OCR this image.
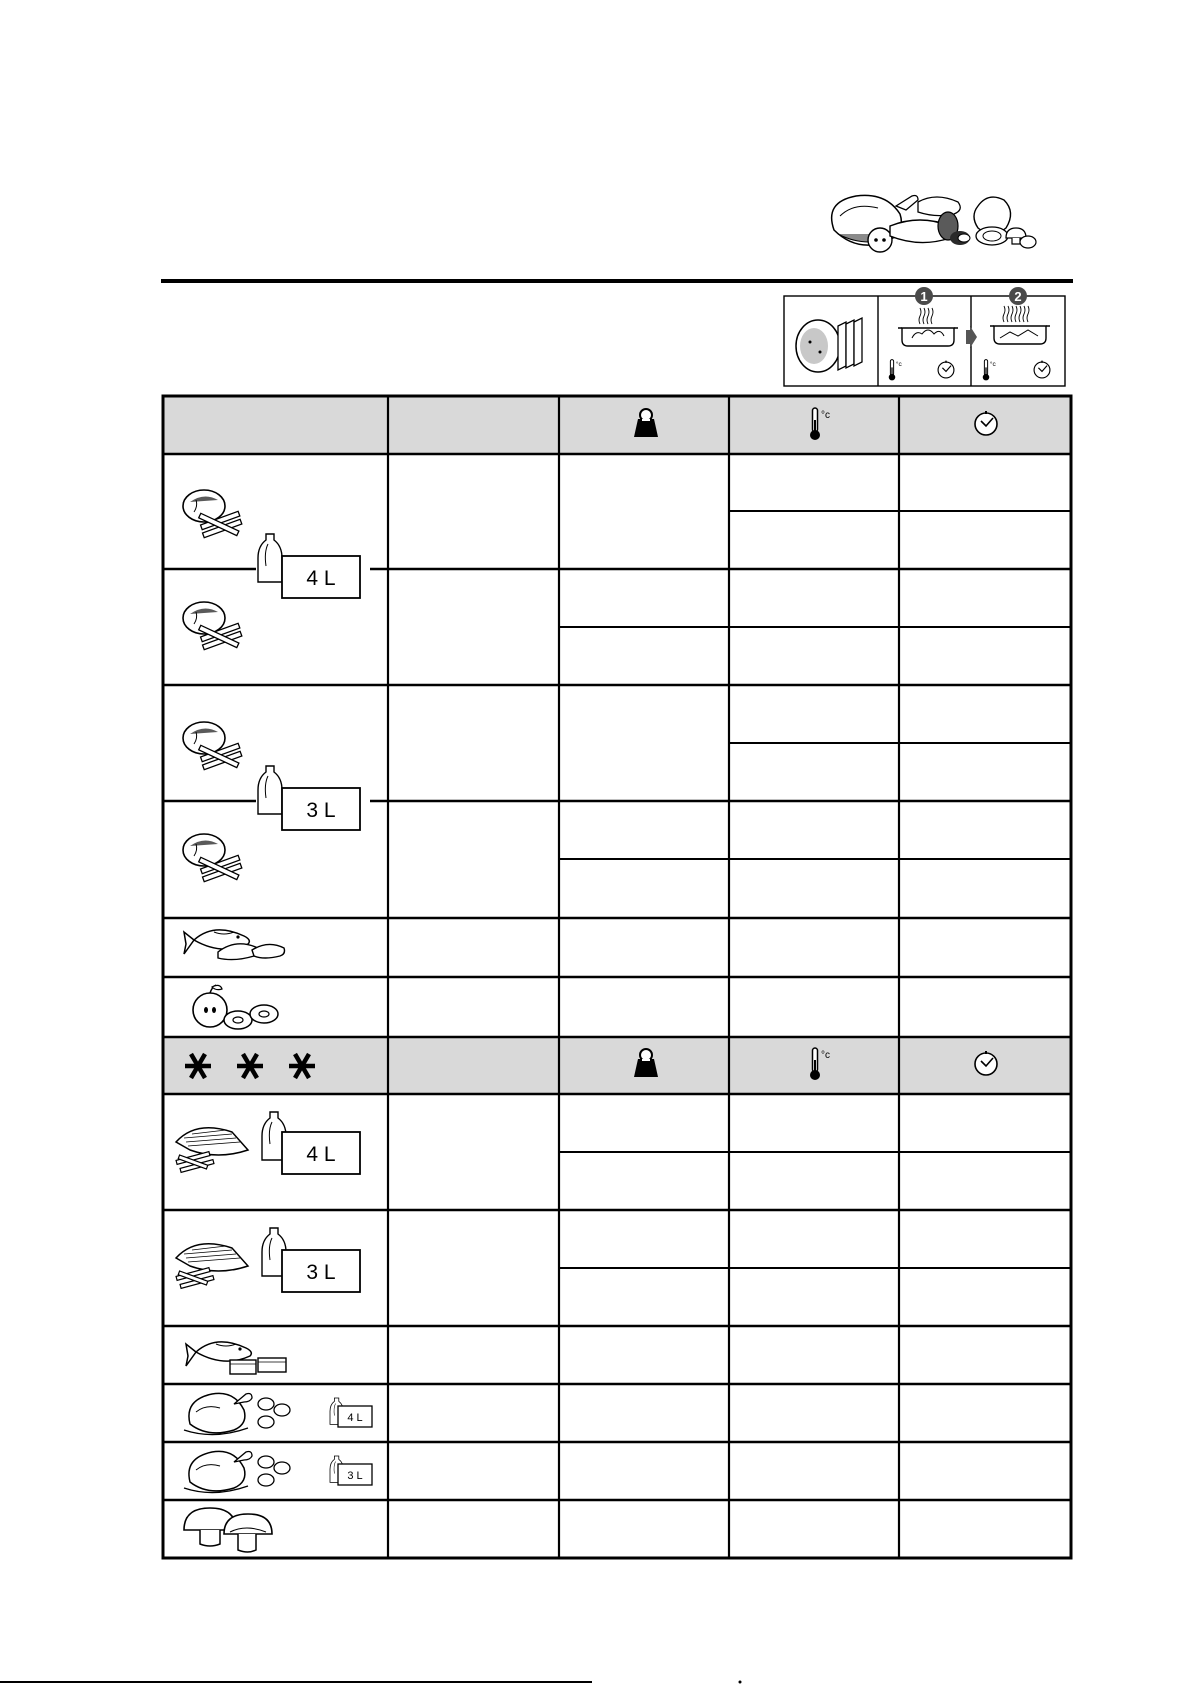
1	2
4 L
3 L
4 L
3 L
4 L
3 L
